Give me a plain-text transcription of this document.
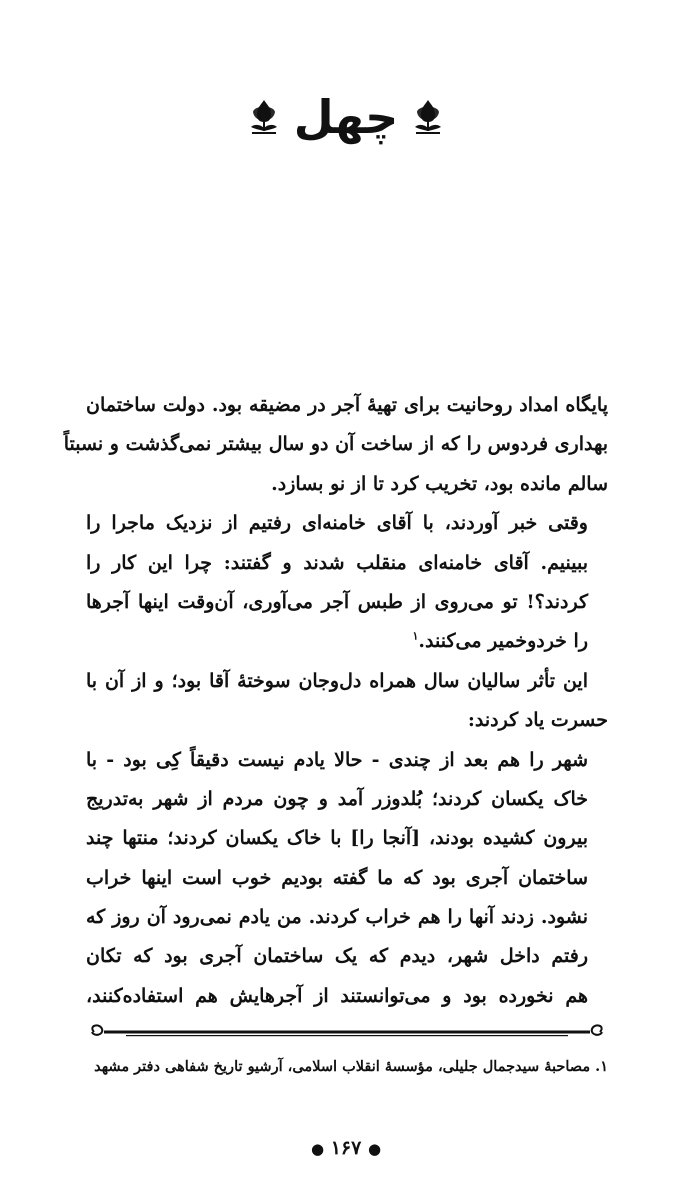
چهل
پایگاه امداد روحانیت برای تهیهٔ آجر در مضیقه بود. دولت ساختمان
بهداری فردوس را که از ساخت آن دو سال بیشتر نمی‌گذشت و نسبتاً
سالم مانده بود، تخریب کرد تا از نو بسازد.
وقتی خبر آوردند، با آقای خامنه‌ای رفتیم از نزدیک ماجرا را
ببینیم. آقای خامنه‌ای منقلب شدند و گفتند: چرا این کار را
کردند؟! تو می‌روی از طبس آجر می‌آوری، آن‌وقت اینها آجرها
را خردوخمیر می‌کنند.$^۱$
این تأثر سالیان سال همراه دل‌وجان سوختهٔ آقا بود؛ و از آن با
حسرت یاد کردند:
شهر را هم بعد از چندی - حالا یادم نیست دقیقاً کِی بود - با
خاک یکسان کردند؛ بُلدوزر آمد و چون مردم از شهر به‌تدریج
بیرون کشیده بودند، [آنجا را] با خاک یکسان کردند؛ منتها چند
ساختمان آجری بود که ما گفته بودیم خوب است اینها خراب
نشود. زدند آنها را هم خراب کردند. من یادم نمی‌رود آن روز که
رفتم داخل شهر، دیدم که یک ساختمان آجری بود که تکان
هم نخورده بود و می‌توانستند از آجرهایش هم استفاده‌کنند،
۱. مصاحبهٔ سیدجمال جلیلی، مؤسسهٔ انقلاب اسلامی، آرشیو تاریخ شفاهی دفتر مشهد
● ۱۶۷ ●
